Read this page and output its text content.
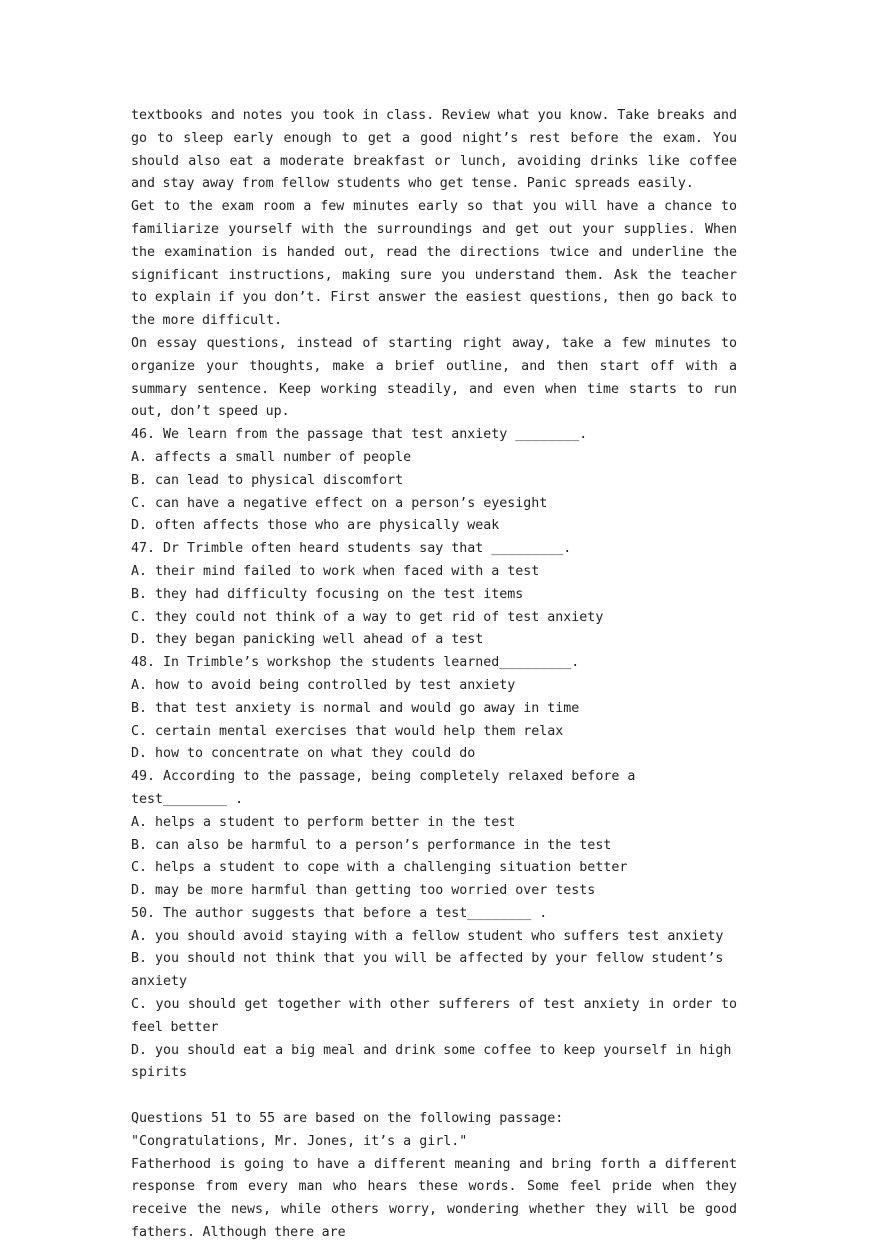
textbooks and notes you took in class. Review what you know. Take breaks and go to sleep early enough to get a good night’s rest before the exam. You should also eat a moderate breakfast or lunch, avoiding drinks like coffee and stay away from fellow students who get tense. Panic spreads easily.

Get to the exam room a few minutes early so that you will have a chance to familiarize yourself with the surroundings and get out your supplies. When the examination is handed out, read the directions twice and underline the significant instructions, making sure you understand them. Ask the teacher to explain if you don’t. First answer the easiest questions, then go back to the more difficult.

On essay questions, instead of starting right away, take a few minutes to organize your thoughts, make a brief outline, and then start off with a summary sentence. Keep working steadily, and even when time starts to run out, don’t speed up.

46. We learn from the passage that test anxiety ________.

A. affects a small number of people

B. can lead to physical discomfort

C. can have a negative effect on a person’s eyesight

D. often affects those who are physically weak

47. Dr Trimble often heard students say that _________.

A. their mind failed to work when faced with a test

B. they had difficulty focusing on the test items

C. they could not think of a way to get rid of test anxiety

D. they began panicking well ahead of a test

48. In Trimble’s workshop the students learned_________.

A. how to avoid being controlled by test anxiety

B. that test anxiety is normal and would go away in time

C. certain mental exercises that would help them relax

D. how to concentrate on what they could do

49. According to the passage, being completely relaxed before a test________ .

A. helps a student to perform better in the test

B. can also be harmful to a person’s performance in the test

C. helps a student to cope with a challenging situation better

D. may be more harmful than getting too worried over tests

50. The author suggests that before a test________ .

A. you should avoid staying with a fellow student who suffers test anxiety

B. you should not think that you will be affected by your fellow student’s anxiety

C. you should get together with other sufferers of test anxiety in order to feel better

D. you should eat a big meal and drink some coffee to keep yourself in high spirits

Questions 51 to 55 are based on the following passage:

"Congratulations, Mr. Jones, it’s a girl."

Fatherhood is going to have a different meaning and bring forth a different response from every man who hears these words. Some feel pride when they receive the news, while others worry, wondering whether they will be good fathers. Although there are
